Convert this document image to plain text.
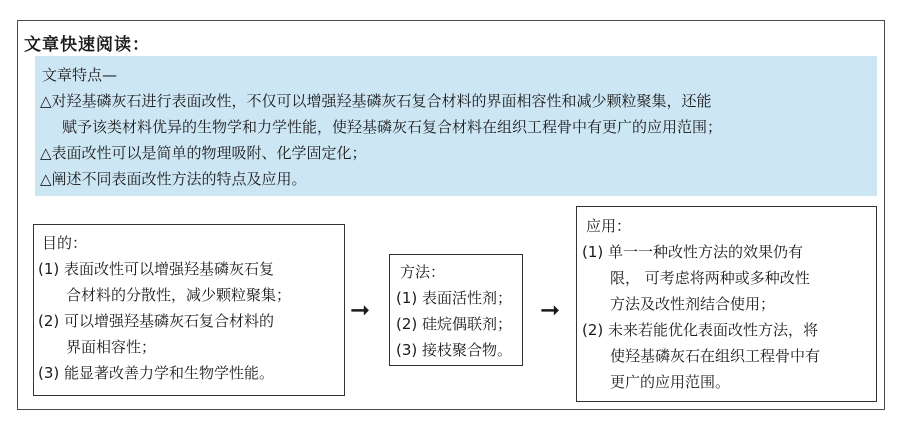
文章快速阅读：
文章特点—
△对羟基磷灰石进行表面改性，不仅可以增强羟基磷灰石复合材料的界面相容性和减少颗粒聚集，还能
赋予该类材料优异的生物学和力学性能，使羟基磷灰石复合材料在组织工程骨中有更广的应用范围；
△表面改性可以是简单的物理吸附、化学固定化；
△阐述不同表面改性方法的特点及应用。
目的：
(1) 表面改性可以增强羟基磷灰石复
合材料的分散性，减少颗粒聚集；
(2) 可以增强羟基磷灰石复合材料的
界面相容性；
(3) 能显著改善力学和生物学性能。
➞
方法：
(1) 表面活性剂；
(2) 硅烷偶联剂；
(3) 接枝聚合物。
➞
应用：
(1) 单一一种改性方法的效果仍有
限， 可考虑将两种或多种改性
方法及改性剂结合使用；
(2) 未来若能优化表面改性方法，将
使羟基磷灰石在组织工程骨中有
更广的应用范围。
